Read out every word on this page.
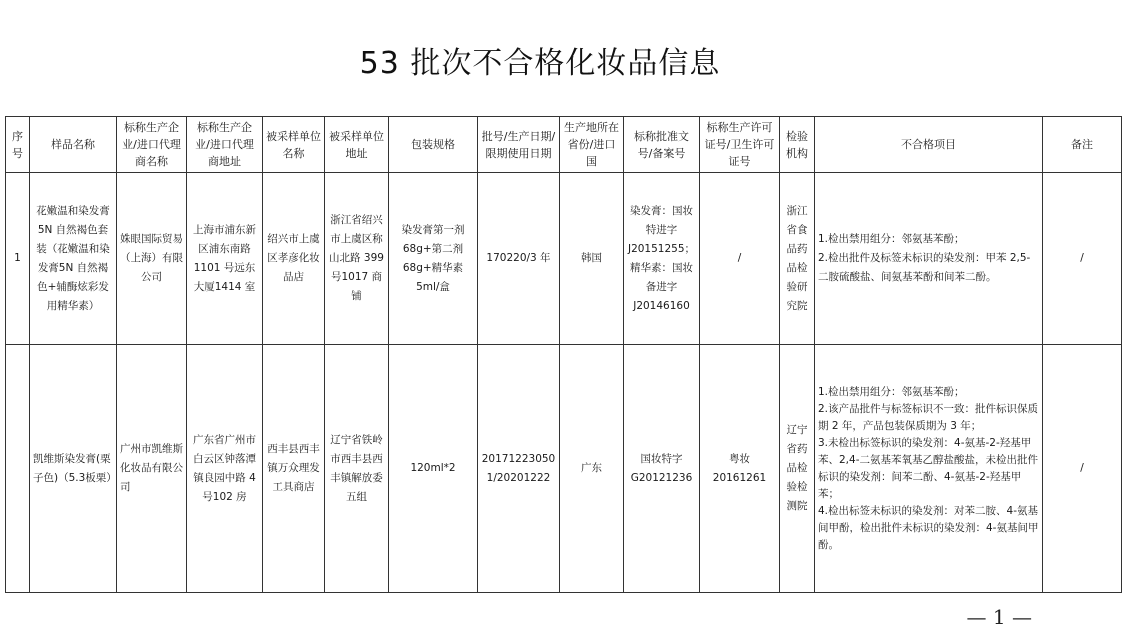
53 批次不合格化妆品信息
序号	样品名称	标称生产企业/进口代理商名称	标称生产企业/进口代理商地址	被采样单位名称	被采样单位地址	包装规格	批号/生产日期/限期使用日期	生产地所在省份/进口国	标称批准文号/备案号	标称生产许可证号/卫生许可证号	检验机构	不合格项目	备注
1	花嫩温和染发膏 5N 自然褐色套装（花嫩温和染发膏5N 自然褐色+辅酶炫彩发用精华素）	姝眼国际贸易（上海）有限公司	上海市浦东新区浦东南路 1101 号远东大厦1414 室	绍兴市上虞区孝彦化妆品店	浙江省绍兴市上虞区称山北路 399 号1017 商铺	染发膏第一剂 68g+第二剂 68g+精华素 5ml/盒	170220/3 年	韩国	染发膏：国妆特进字J20151255；精华素：国妆备进字J20146160	/	浙江省食品药品检验研究院	1.检出禁用组分：邻氨基苯酚；
2.检出批件及标签未标识的染发剂：甲苯 2,5-二胺硫酸盐、间氨基苯酚和间苯二酚。	/
	凯维斯染发膏(栗子色)（5.3板栗）	广州市凯维斯化妆品有限公司	广东省广州市白云区钟落潭镇良园中路 4 号102 房	西丰县西丰镇万众理发工具商店	辽宁省铁岭市西丰县西丰镇解放委五组	120ml*2	201712230501/20201222	广东	国妆特字G20121236	粤妆20161261	辽宁省药品检验检测院	1.检出禁用组分：邻氨基苯酚；
2.该产品批件与标签标识不一致：批件标识保质期 2 年，产品包装保质期为 3 年；
3.未检出标签标识的染发剂：4-氨基-2-羟基甲苯、2,4-二氨基苯氧基乙醇盐酸盐，未检出批件标识的染发剂：间苯二酚、4-氨基-2-羟基甲苯；
4.检出标签未标识的染发剂：对苯二胺、4-氨基间甲酚，检出批件未标识的染发剂：4-氨基间甲酚。	/
— 1 —
